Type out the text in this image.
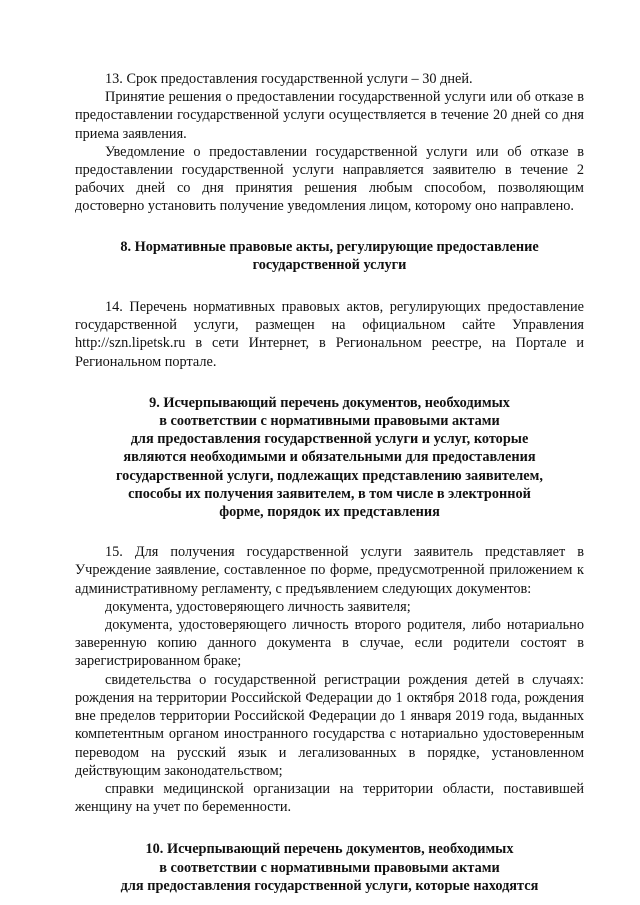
13. Срок предоставления государственной услуги – 30 дней.

Принятие решения о предоставлении государственной услуги или об отказе в предоставлении государственной услуги осуществляется в течение 20 дней со дня приема заявления.

Уведомление о предоставлении государственной услуги или об отказе в предоставлении государственной услуги направляется заявителю в течение 2 рабочих дней со дня принятия решения любым способом, позволяющим достоверно установить получение уведомления лицом, которому оно направлено.

8. Нормативные правовые акты, регулирующие предоставление
государственной услуги

14. Перечень нормативных правовых актов, регулирующих предоставление государственной услуги, размещен на официальном сайте Управления http://szn.lipetsk.ru в сети Интернет, в Региональном реестре, на Портале и Региональном портале.

9. Исчерпывающий перечень документов, необходимых
в соответствии с нормативными правовыми актами
для предоставления государственной услуги и услуг, которые
являются необходимыми и обязательными для предоставления
государственной услуги, подлежащих представлению заявителем,
способы их получения заявителем, в том числе в электронной
форме, порядок их представления

15. Для получения государственной услуги заявитель представляет в Учреждение заявление, составленное по форме, предусмотренной приложением к административному регламенту, с предъявлением следующих документов:

документа, удостоверяющего личность заявителя;

документа, удостоверяющего личность второго родителя, либо нотариально заверенную копию данного документа в случае, если родители состоят в зарегистрированном браке;

свидетельства о государственной регистрации рождения детей в случаях: рождения на территории Российской Федерации до 1 октября 2018 года, рождения вне пределов территории Российской Федерации до 1 января 2019 года, выданных компетентным органом иностранного государства с нотариально удостоверенным переводом на русский язык и легализованных в порядке, установленном действующим законодательством;

справки медицинской организации на территории области, поставившей женщину на учет по беременности.

10. Исчерпывающий перечень документов, необходимых
в соответствии с нормативными правовыми актами
для предоставления государственной услуги, которые находятся
